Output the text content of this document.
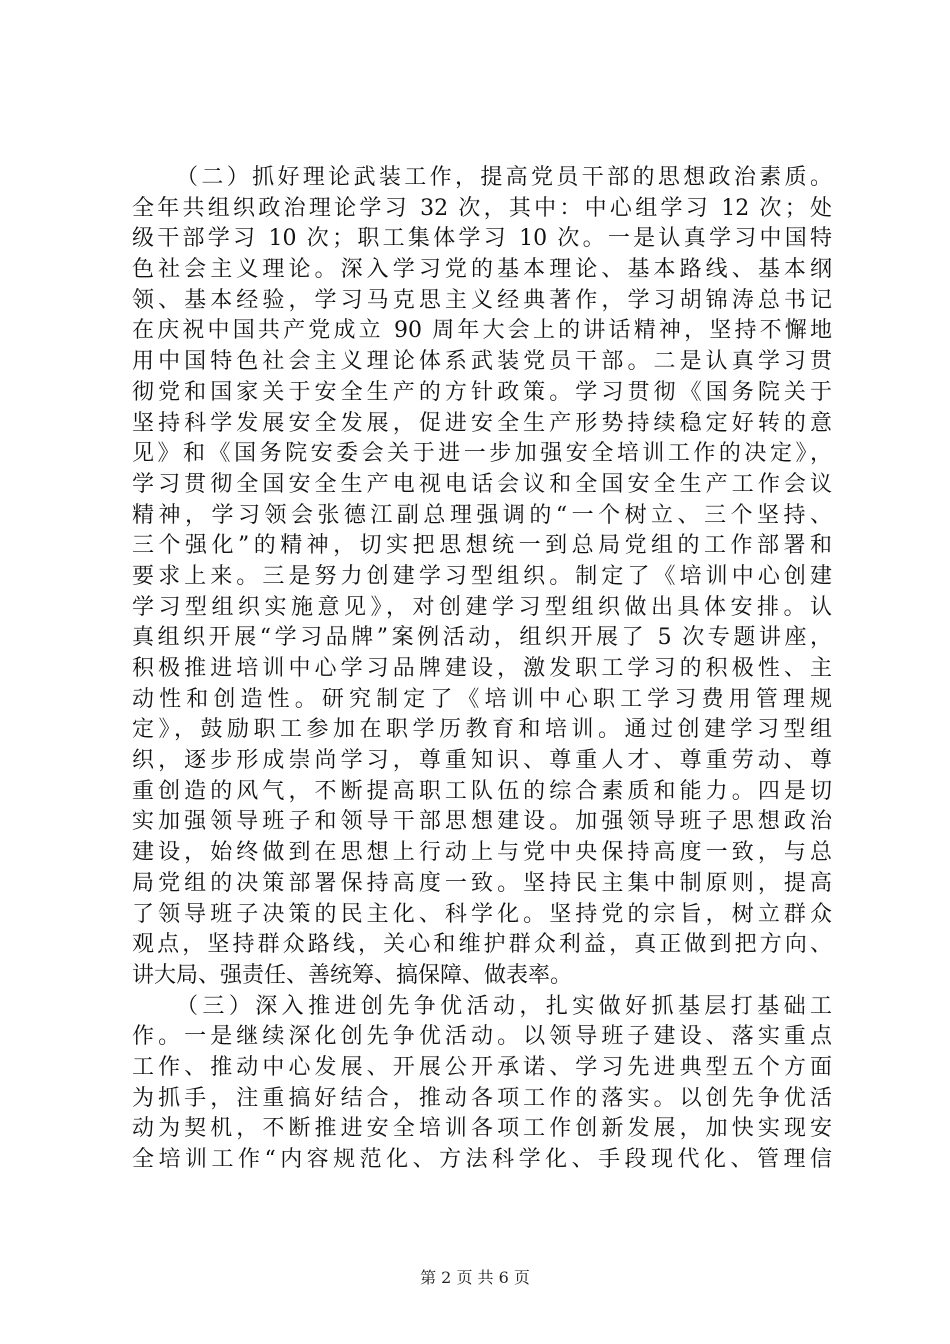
（二）抓好理论武装工作，提高党员干部的思想政治素质。
全年共组织政治理论学习 32 次，其中：中心组学习 12 次；处
级干部学习 10 次；职工集体学习 10 次。一是认真学习中国特
色社会主义理论。深入学习党的基本理论、基本路线、基本纲
领、基本经验，学习马克思主义经典著作，学习胡锦涛总书记
在庆祝中国共产党成立 90 周年大会上的讲话精神，坚持不懈地
用中国特色社会主义理论体系武装党员干部。二是认真学习贯
彻党和国家关于安全生产的方针政策。学习贯彻《国务院关于
坚持科学发展安全发展，促进安全生产形势持续稳定好转的意
见》和《国务院安委会关于进一步加强安全培训工作的决定》，
学习贯彻全国安全生产电视电话会议和全国安全生产工作会议
精神，学习领会张德江副总理强调的“一个树立、三个坚持、
三个强化”的精神，切实把思想统一到总局党组的工作部署和
要求上来。三是努力创建学习型组织。制定了《培训中心创建
学习型组织实施意见》，对创建学习型组织做出具体安排。认
真组织开展“学习品牌”案例活动，组织开展了 5 次专题讲座，
积极推进培训中心学习品牌建设，激发职工学习的积极性、主
动性和创造性。研究制定了《培训中心职工学习费用管理规
定》，鼓励职工参加在职学历教育和培训。通过创建学习型组
织，逐步形成崇尚学习，尊重知识、尊重人才、尊重劳动、尊
重创造的风气，不断提高职工队伍的综合素质和能力。四是切
实加强领导班子和领导干部思想建设。加强领导班子思想政治
建设，始终做到在思想上行动上与党中央保持高度一致，与总
局党组的决策部署保持高度一致。坚持民主集中制原则，提高
了领导班子决策的民主化、科学化。坚持党的宗旨，树立群众
观点，坚持群众路线，关心和维护群众利益，真正做到把方向、
讲大局、强责任、善统筹、搞保障、做表率。
（三）深入推进创先争优活动，扎实做好抓基层打基础工
作。一是继续深化创先争优活动。以领导班子建设、落实重点
工作、推动中心发展、开展公开承诺、学习先进典型五个方面
为抓手，注重搞好结合，推动各项工作的落实。以创先争优活
动为契机，不断推进安全培训各项工作创新发展，加快实现安
全培训工作“内容规范化、方法科学化、手段现代化、管理信
第 2 页 共 6 页
